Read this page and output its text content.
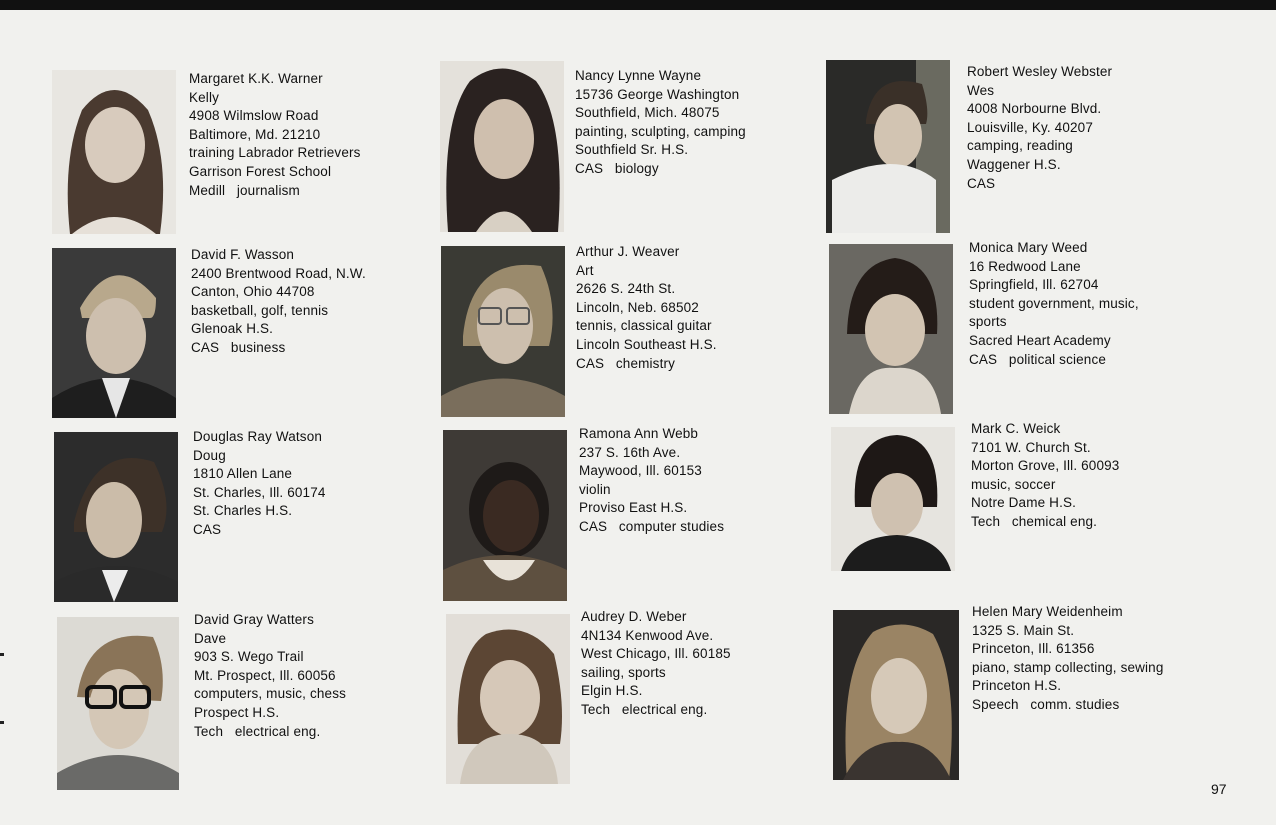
Margaret K.K. Warner
Kelly
4908 Wilmslow Road
Baltimore, Md. 21210
training Labrador Retrievers
Garrison Forest School
Medill   journalism
David F. Wasson
2400 Brentwood Road, N.W.
Canton, Ohio 44708
basketball, golf, tennis
Glenoak H.S.
CAS   business
Douglas Ray Watson
Doug
1810 Allen Lane
St. Charles, Ill. 60174
St. Charles H.S.
CAS
David Gray Watters
Dave
903 S. Wego Trail
Mt. Prospect, Ill. 60056
computers, music, chess
Prospect H.S.
Tech   electrical eng.
Nancy Lynne Wayne
15736 George Washington
Southfield, Mich. 48075
painting, sculpting, camping
Southfield Sr. H.S.
CAS   biology
Arthur J. Weaver
Art
2626 S. 24th St.
Lincoln, Neb. 68502
tennis, classical guitar
Lincoln Southeast H.S.
CAS   chemistry
Ramona Ann Webb
237 S. 16th Ave.
Maywood, Ill. 60153
violin
Proviso East H.S.
CAS   computer studies
Audrey D. Weber
4N134 Kenwood Ave.
West Chicago, Ill. 60185
sailing, sports
Elgin H.S.
Tech   electrical eng.
Robert Wesley Webster
Wes
4008 Norbourne Blvd.
Louisville, Ky. 40207
camping, reading
Waggener H.S.
CAS
Monica Mary Weed
16 Redwood Lane
Springfield, Ill. 62704
student government, music,
sports
Sacred Heart Academy
CAS   political science
Mark C. Weick
7101 W. Church St.
Morton Grove, Ill. 60093
music, soccer
Notre Dame H.S.
Tech   chemical eng.
Helen Mary Weidenheim
1325 S. Main St.
Princeton, Ill. 61356
piano, stamp collecting, sewing
Princeton H.S.
Speech   comm. studies
97
